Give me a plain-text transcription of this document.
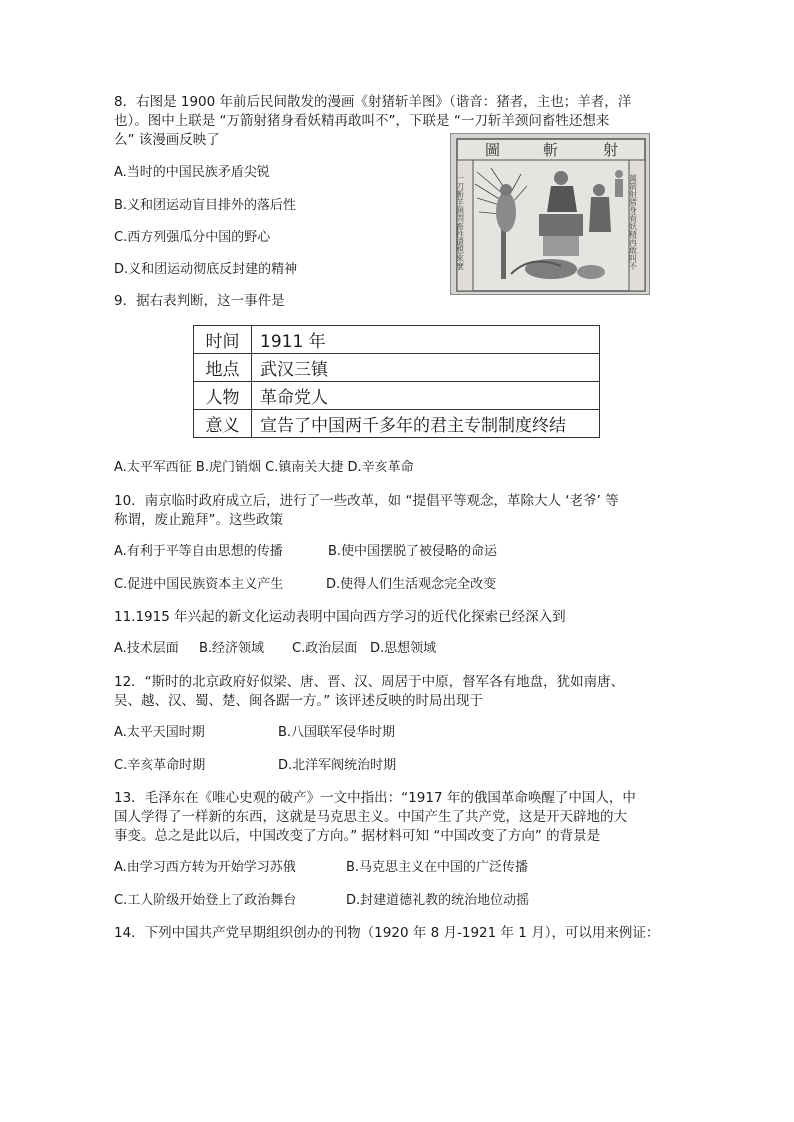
8．右图是 1900 年前后民间散发的漫画《射猪斩羊图》（谐音：猪者，主也；羊者，洋
也）。图中上联是 “万箭射猪身看妖精再敢叫不”，下联是 “一刀斩羊颈问畜牲还想来
么” 该漫画反映了
A.当时的中国民族矛盾尖锐
B.义和团运动盲目排外的落后性
C.西方列强瓜分中国的野心
D.义和团运动彻底反封建的精神
圖	斬	射
一刀斬羊頸問畜牲還想來麼	萬箭射猪身看妖精再敢叫不
9．据右表判断，这一事件是
时间	1911 年
地点	武汉三镇
人物	革命党人
意义	宣告了中国两千多年的君主专制制度终结
A.太平军西征 B.虎门销烟 C.镇南关大捷 D.辛亥革命
10．南京临时政府成立后，进行了一些改革，如 “提倡平等观念，革除大人 ‘老爷’ 等
称谓，废止跪拜”。这些政策
A.有利于平等自由思想的传播	B.使中国摆脱了被侵略的命运
C.促进中国民族资本主义产生	D.使得人们生活观念完全改变
11.1915 年兴起的新文化运动表明中国向西方学习的近代化探索已经深入到
A.技术层面 B.经济领域 C.政治层面 D.思想领域
12．“斯时的北京政府好似梁、唐、晋、汉、周居于中原，督军各有地盘，犹如南唐、
吴、越、汉、蜀、楚、闽各踞一方。” 该评述反映的时局出现于
A.太平天国时期	B.八国联军侵华时期
C.辛亥革命时期	D.北洋军阀统治时期
13．毛泽东在《唯心史观的破产》一文中指出：“1917 年的俄国革命唤醒了中国人，中
国人学得了一样新的东西，这就是马克思主义。中国产生了共产党，这是开天辟地的大
事变。总之是此以后，中国改变了方向。” 据材料可知 “中国改变了方向” 的背景是
A.由学习西方转为开始学习苏俄	B.马克思主义在中国的广泛传播
C.工人阶级开始登上了政治舞台	D.封建道德礼教的统治地位动摇
14．下列中国共产党早期组织创办的刊物（1920 年 8 月-1921 年 1 月），可以用来例证：
